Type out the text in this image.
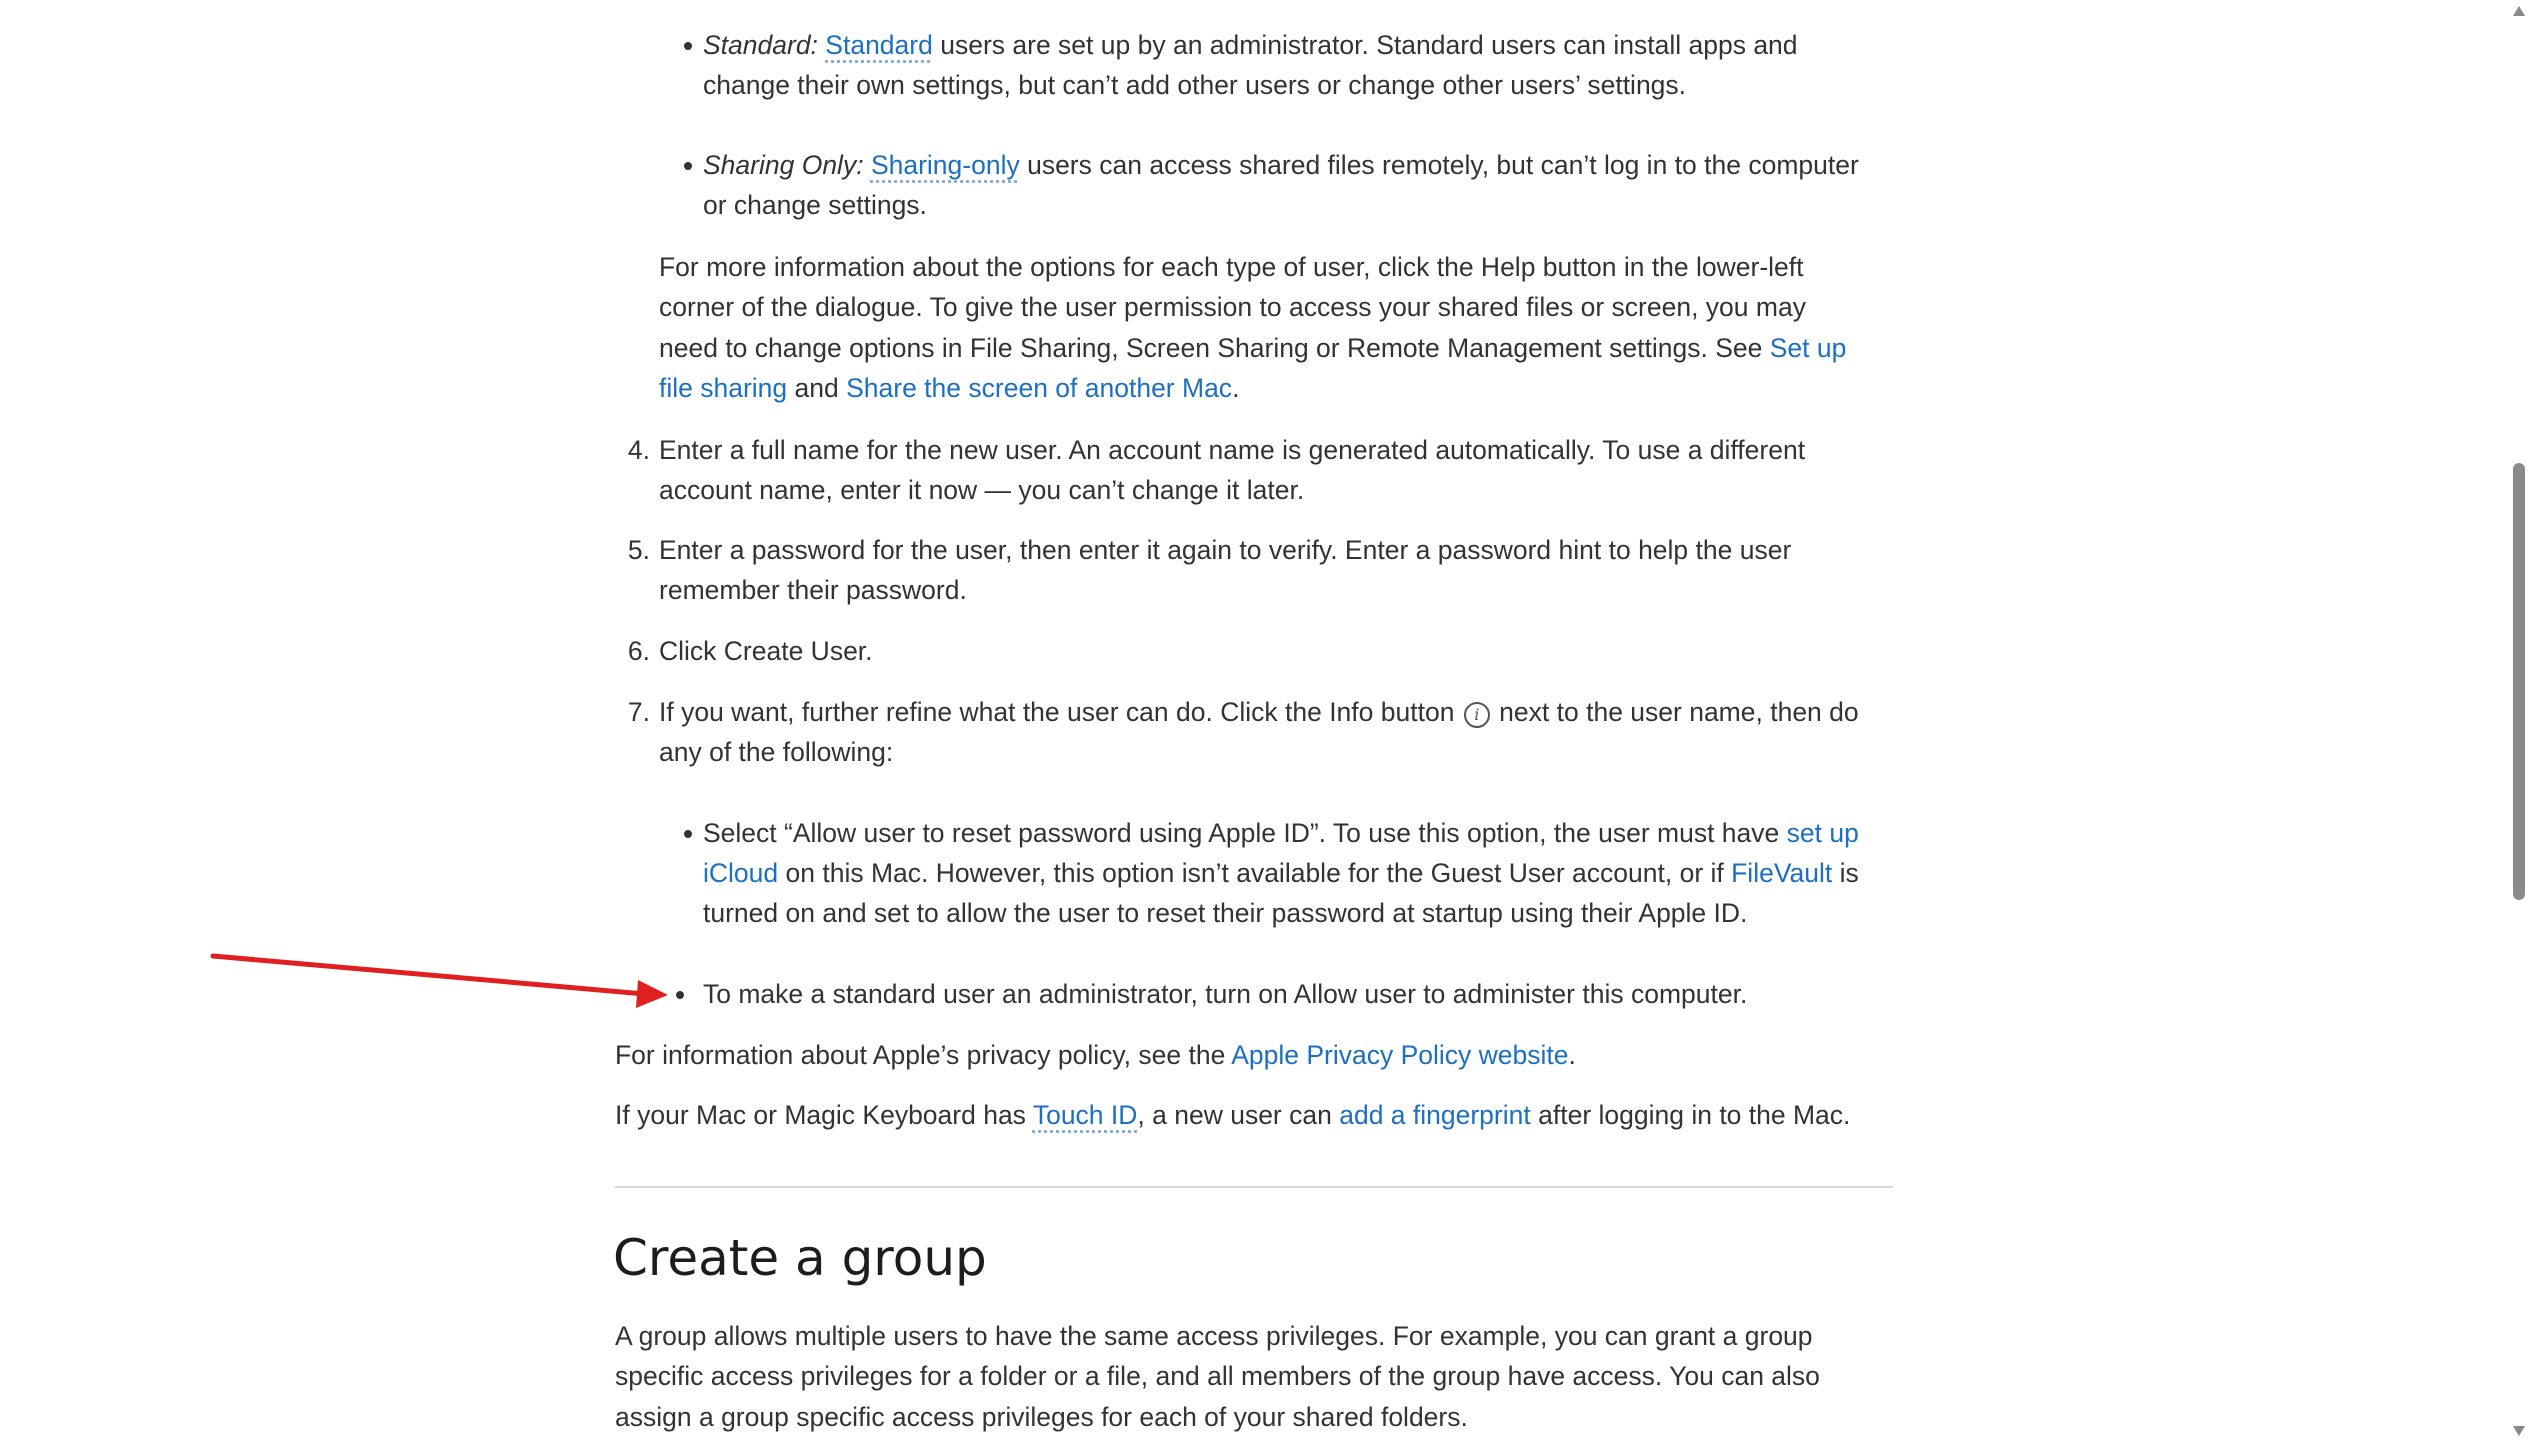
Standard: Standard users are set up by an administrator. Standard users can install apps and

change their own settings, but can’t add other users or change other users’ settings.

Sharing Only: Sharing-only users can access shared files remotely, but can’t log in to the computer

or change settings.

For more information about the options for each type of user, click the Help button in the lower-left

corner of the dialogue. To give the user permission to access your shared files or screen, you may

need to change options in File Sharing, Screen Sharing or Remote Management settings. See Set up

file sharing and Share the screen of another Mac.

4. Enter a full name for the new user. An account name is generated automatically. To use a different

account name, enter it now — you can’t change it later.

5. Enter a password for the user, then enter it again to verify. Enter a password hint to help the user

remember their password.

6. Click Create User.

7. If you want, further refine what the user can do. Click the Info button i next to the user name, then do

any of the following:

Select “Allow user to reset password using Apple ID”. To use this option, the user must have set up

iCloud on this Mac. However, this option isn’t available for the Guest User account, or if FileVault is

turned on and set to allow the user to reset their password at startup using their Apple ID.

To make a standard user an administrator, turn on Allow user to administer this computer.

For information about Apple’s privacy policy, see the Apple Privacy Policy website.

If your Mac or Magic Keyboard has Touch ID, a new user can add a fingerprint after logging in to the Mac.

Create a group

A group allows multiple users to have the same access privileges. For example, you can grant a group

specific access privileges for a folder or a file, and all members of the group have access. You can also

assign a group specific access privileges for each of your shared folders.
